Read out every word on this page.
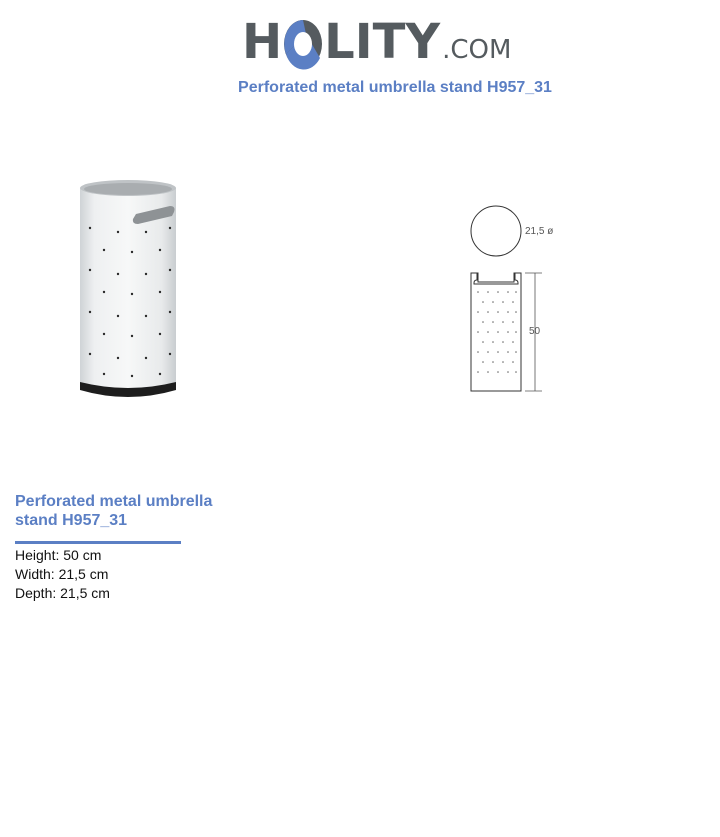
H LITY .COM
Perforated metal umbrella stand H957_31
21,5 ø
50
Perforated metal umbrella stand H957_31
Height: 50 cm
Width: 21,5 cm
Depth: 21,5 cm
